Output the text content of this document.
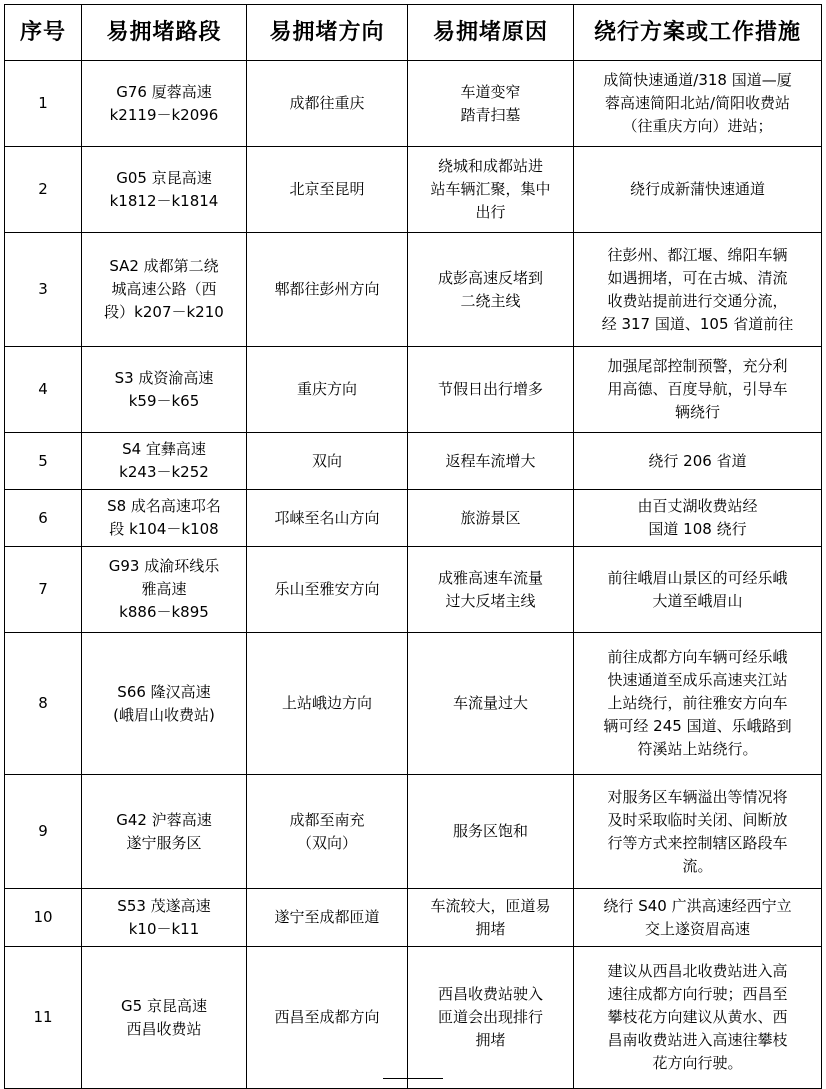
序号	易拥堵路段	易拥堵方向	易拥堵原因	绕行方案或工作措施
1	G76 厦蓉高速
k2119－k2096	成都往重庆	车道变窄
踏青扫墓	成简快速通道/318 国道—厦
蓉高速简阳北站/简阳收费站
（往重庆方向）进站；

2	G05 京昆高速
k1812－k1814	北京至昆明	绕城和成都站进
站车辆汇聚，集中
出行	绕行成新蒲快速通道

3	SA2 成都第二绕
城高速公路（西
段）k207－k210	郫都往彭州方向	成彭高速反堵到
二绕主线	往彭州、都江堰、绵阳车辆
如遇拥堵，可在古城、清流
收费站提前进行交通分流，
经 317 国道、105 省道前往

4	S3 成资渝高速
k59－k65	重庆方向	节假日出行增多	加强尾部控制预警，充分利
用高德、百度导航，引导车
辆绕行

5	S4 宜彝高速
k243－k252	双向	返程车流增大	绕行 206 省道

6	S8 成名高速邛名
段 k104－k108	邛崃至名山方向	旅游景区	由百丈湖收费站经
国道 108 绕行

7	G93 成渝环线乐
雅高速
k886－k895	乐山至雅安方向	成雅高速车流量
过大反堵主线	前往峨眉山景区的可经乐峨
大道至峨眉山

8	S66 隆汉高速
(峨眉山收费站)	上站峨边方向	车流量过大	前往成都方向车辆可经乐峨
快速通道至成乐高速夹江站
上站绕行，前往雅安方向车
辆可经 245 国道、乐峨路到
符溪站上站绕行。

9	G42 沪蓉高速
遂宁服务区	成都至南充
（双向）	服务区饱和	对服务区车辆溢出等情况将
及时采取临时关闭、间断放
行等方式来控制辖区路段车
流。

10	S53 茂遂高速
k10－k11	遂宁至成都匝道	车流较大，匝道易
拥堵	绕行 S40 广洪高速经西宁立
交上遂资眉高速

11	G5 京昆高速
西昌收费站	西昌至成都方向	西昌收费站驶入
匝道会出现排行
拥堵	建议从西昌北收费站进入高
速往成都方向行驶；西昌至
攀枝花方向建议从黄水、西
昌南收费站进入高速往攀枝
花方向行驶。
